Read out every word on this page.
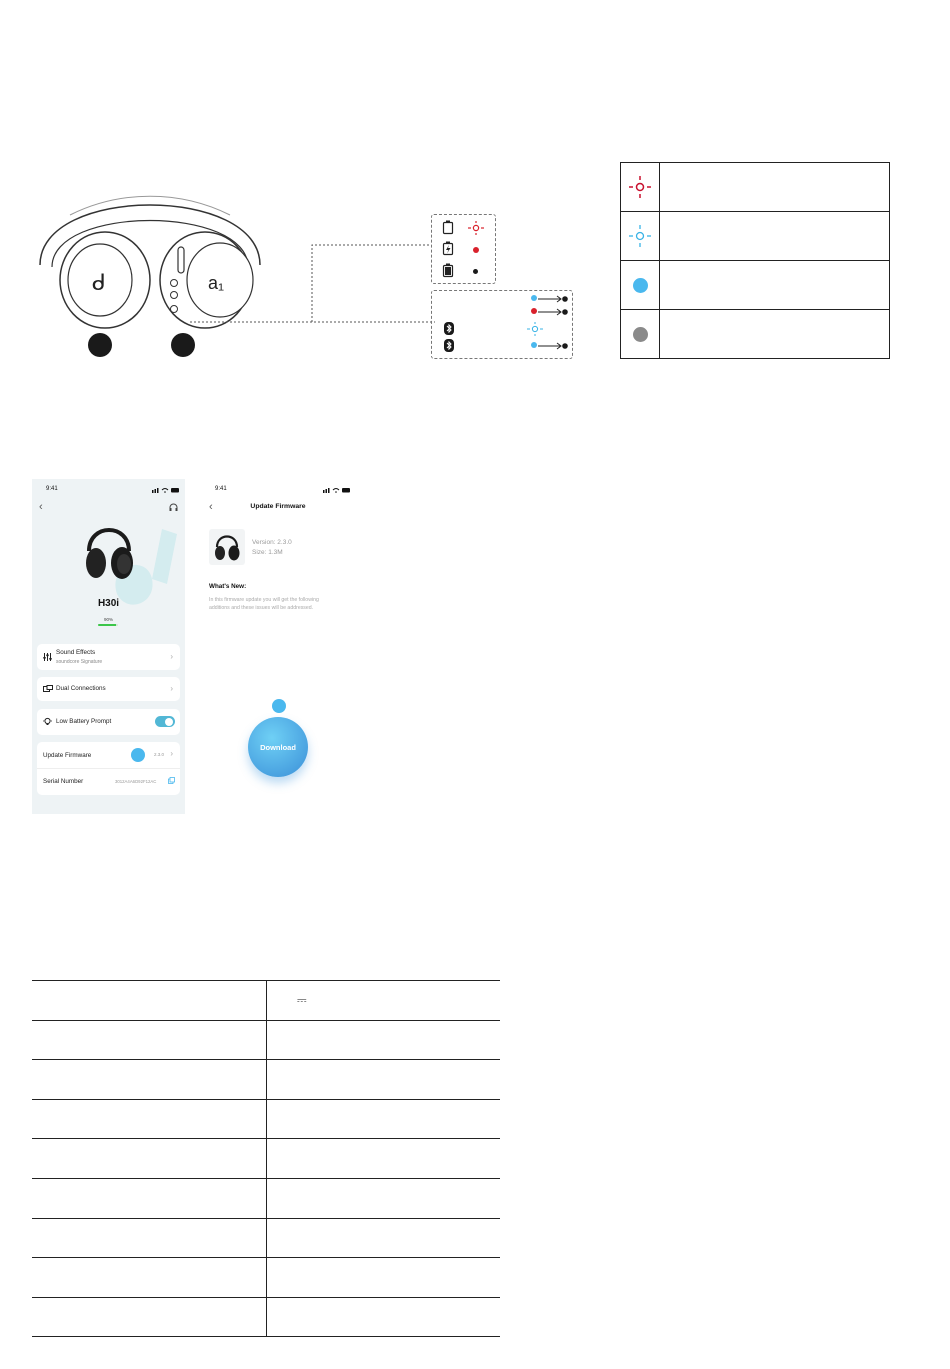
ᑯ	a₁
9:41
‹
H30i
90%
Sound Effects
soundcore Signature
›
Dual Connections	›
Low Battery Prompt
Update Firmware	2.3.0 ›
Serial Number	3012A4A6D92F12AC
9:41
‹	Update Firmware
Version: 2.3.0
Size: 1.3M
What's New:
In this firmware update you will get the following additions and these issues will be addressed.
Download
	⎓
